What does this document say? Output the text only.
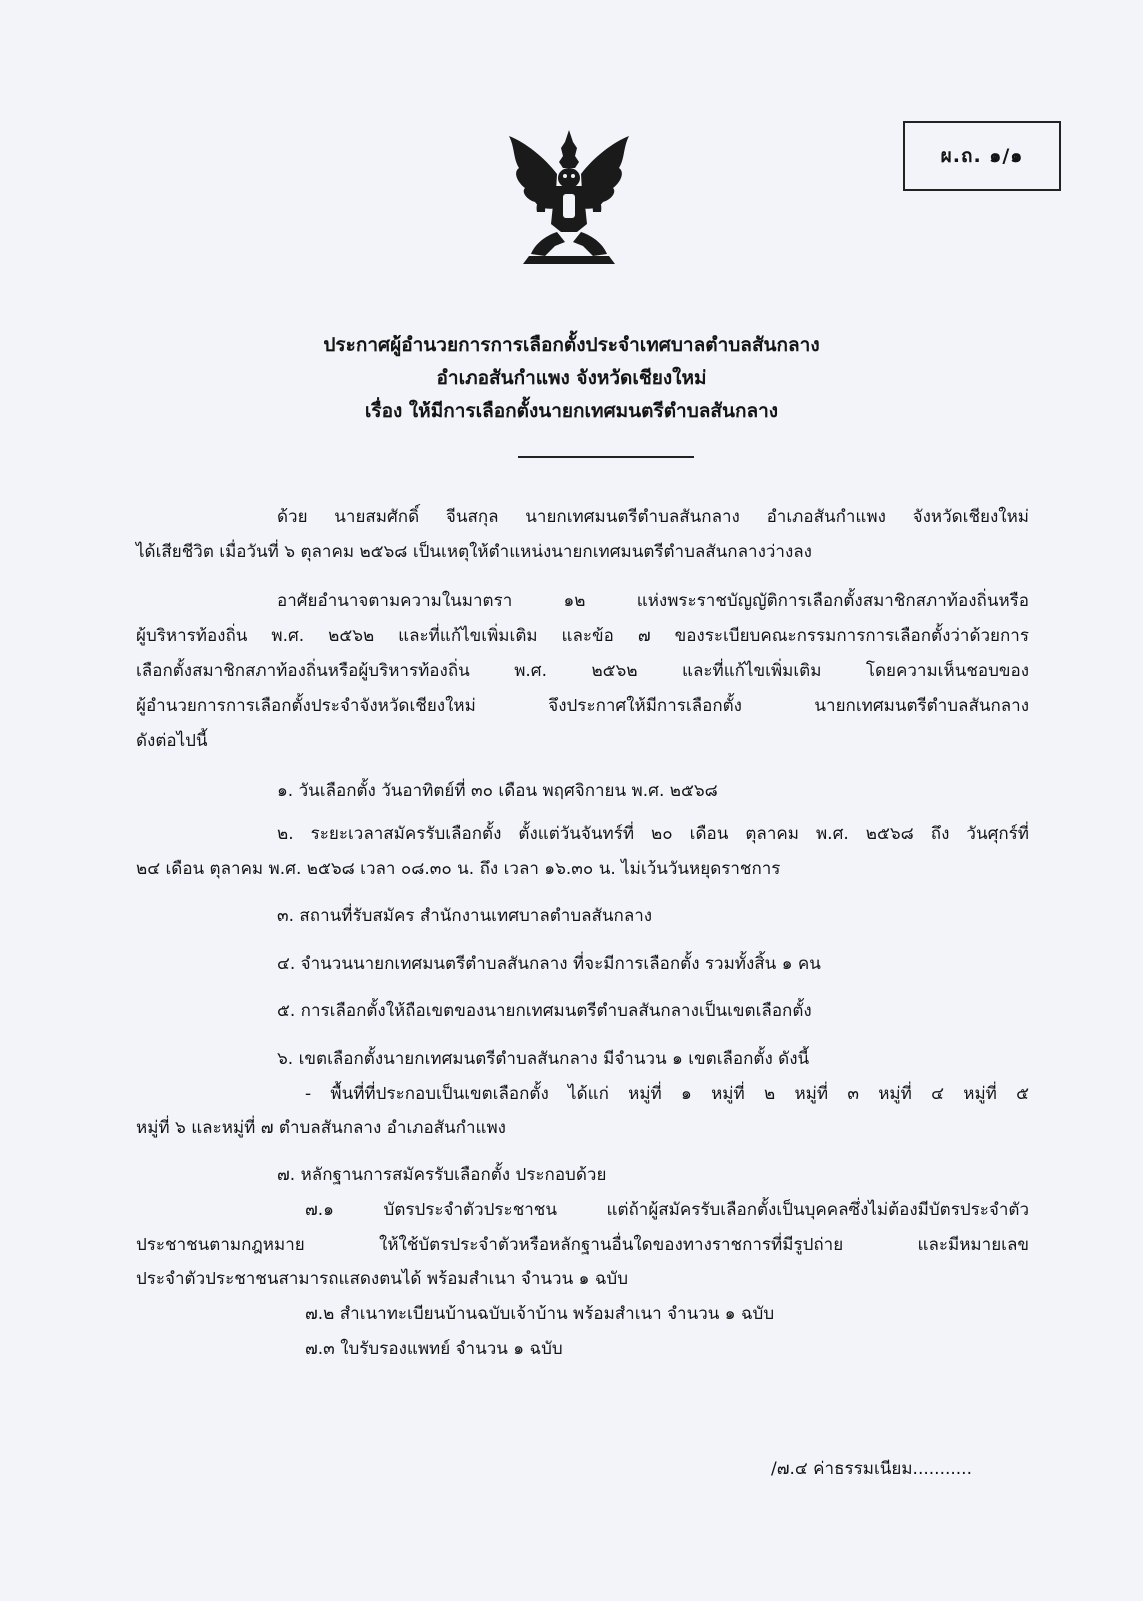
ผ.ถ. ๑/๑
ประกาศผู้อำนวยการการเลือกตั้งประจำเทศบาลตำบลสันกลาง
อำเภอสันกำแพง จังหวัดเชียงใหม่
เรื่อง ให้มีการเลือกตั้งนายกเทศมนตรีตำบลสันกลาง
ด้วย นายสมศักดิ์ จีนสกุล นายกเทศมนตรีตำบลสันกลาง อำเภอสันกำแพง จังหวัดเชียงใหม่
ได้เสียชีวิต เมื่อวันที่ ๖ ตุลาคม ๒๕๖๘ เป็นเหตุให้ตำแหน่งนายกเทศมนตรีตำบลสันกลางว่างลง
อาศัยอำนาจตามความในมาตรา ๑๒ แห่งพระราชบัญญัติการเลือกตั้งสมาชิกสภาท้องถิ่นหรือ
ผู้บริหารท้องถิ่น พ.ศ. ๒๕๖๒ และที่แก้ไขเพิ่มเติม และข้อ ๗ ของระเบียบคณะกรรมการการเลือกตั้งว่าด้วยการ
เลือกตั้งสมาชิกสภาท้องถิ่นหรือผู้บริหารท้องถิ่น พ.ศ. ๒๕๖๒ และที่แก้ไขเพิ่มเติม โดยความเห็นชอบของ
ผู้อำนวยการการเลือกตั้งประจำจังหวัดเชียงใหม่ จึงประกาศให้มีการเลือกตั้ง นายกเทศมนตรีตำบลสันกลาง
ดังต่อไปนี้
๑. วันเลือกตั้ง วันอาทิตย์ที่ ๓๐ เดือน พฤศจิกายน พ.ศ. ๒๕๖๘
๒. ระยะเวลาสมัครรับเลือกตั้ง ตั้งแต่วันจันทร์ที่ ๒๐ เดือน ตุลาคม พ.ศ. ๒๕๖๘ ถึง วันศุกร์ที่
๒๔ เดือน ตุลาคม พ.ศ. ๒๕๖๘ เวลา ๐๘.๓๐ น. ถึง เวลา ๑๖.๓๐ น. ไม่เว้นวันหยุดราชการ
๓. สถานที่รับสมัคร สำนักงานเทศบาลตำบลสันกลาง
๔. จำนวนนายกเทศมนตรีตำบลสันกลาง ที่จะมีการเลือกตั้ง รวมทั้งสิ้น ๑ คน
๕. การเลือกตั้งให้ถือเขตของนายกเทศมนตรีตำบลสันกลางเป็นเขตเลือกตั้ง
๖. เขตเลือกตั้งนายกเทศมนตรีตำบลสันกลาง มีจำนวน ๑ เขตเลือกตั้ง ดังนี้
- พื้นที่ที่ประกอบเป็นเขตเลือกตั้ง ได้แก่ หมู่ที่ ๑ หมู่ที่ ๒ หมู่ที่ ๓ หมู่ที่ ๔ หมู่ที่ ๕
หมู่ที่ ๖ และหมู่ที่ ๗ ตำบลสันกลาง อำเภอสันกำแพง
๗. หลักฐานการสมัครรับเลือกตั้ง ประกอบด้วย
๗.๑ บัตรประจำตัวประชาชน แต่ถ้าผู้สมัครรับเลือกตั้งเป็นบุคคลซึ่งไม่ต้องมีบัตรประจำตัว
ประชาชนตามกฎหมาย ให้ใช้บัตรประจำตัวหรือหลักฐานอื่นใดของทางราชการที่มีรูปถ่าย และมีหมายเลข
ประจำตัวประชาชนสามารถแสดงตนได้ พร้อมสำเนา จำนวน ๑ ฉบับ
๗.๒ สำเนาทะเบียนบ้านฉบับเจ้าบ้าน พร้อมสำเนา จำนวน ๑ ฉบับ
๗.๓ ใบรับรองแพทย์ จำนวน ๑ ฉบับ
/๗.๔ ค่าธรรมเนียม...........
